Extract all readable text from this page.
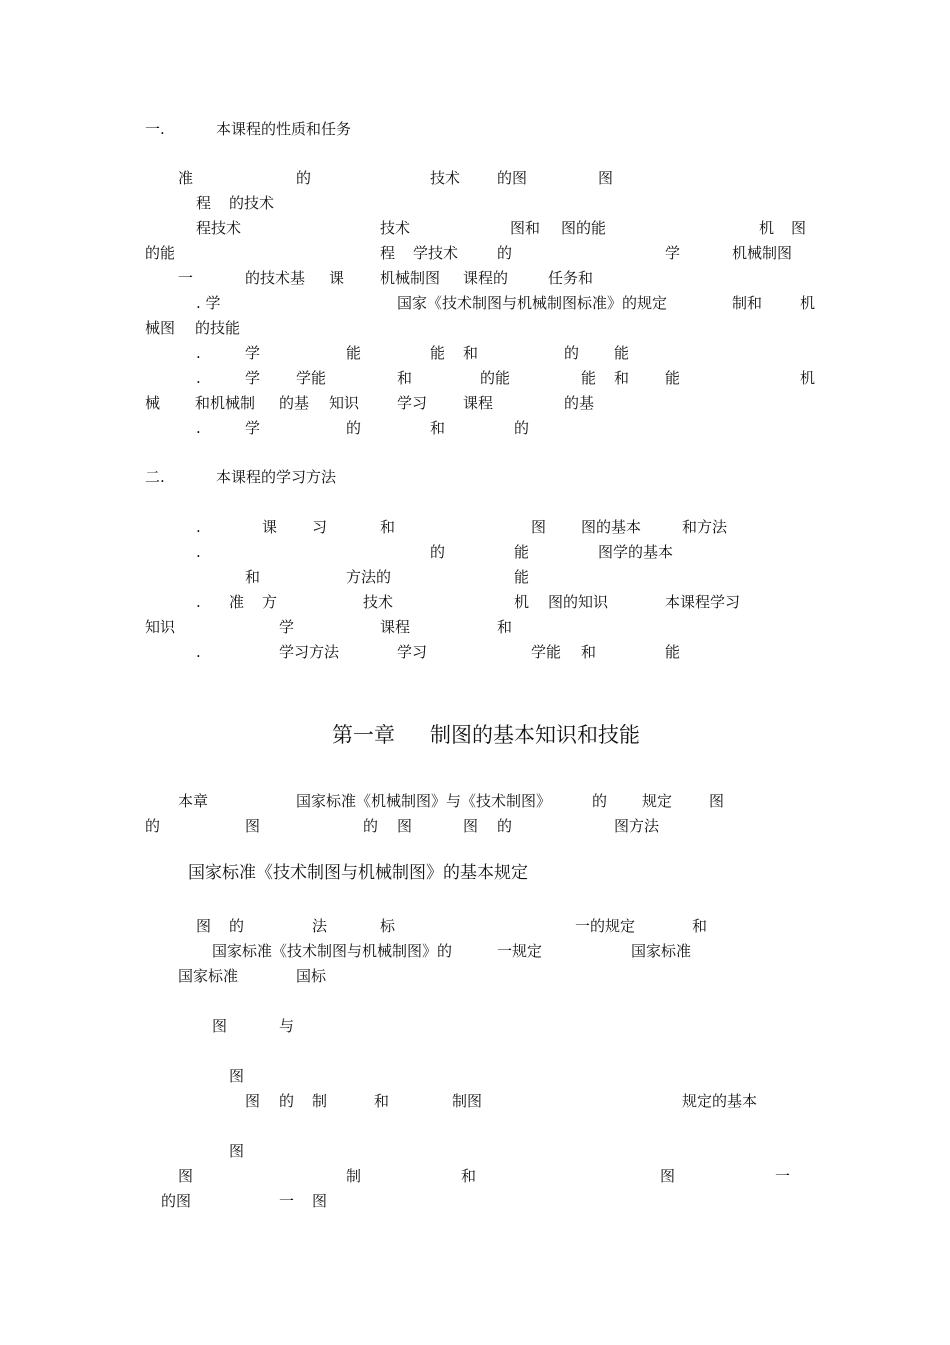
一.	本课程的性质和任务
二.	本课程的学习方法
第一章 制图的基本知识和技能
国家标准《技术制图与机械制图》的基本规定
准	的	技术 的图	图
程 的技术
程技术	技术	图和 图的能	机 图
的能	程 学技术	的	学	机械制图
一	的技术基 课 机械制图 课程的	任务和
. 学	国家《技术制图与机械制图标准》的规定	制和	机
械图 的技能
.	学	能	能 和	的 能
.	学 学能	和	的能	能 和 能	机
械 和机械制 的基 知识	学习 课程	的基
.	学	的	和	的
.	课 习	和	图 图的基本	和方法
.	的	能	图学的基本
和	方法的	能
. 准 方	技术	机 图的知识	本课程学习
知识	学	课程	和
.	学习方法	学习	学能 和	能
本章	国家标准《机械制图》与《技术制图》	的 规定 图
的	图	的 图	图 的	图方法
图 的	法	标	一的规定	和
国家标准《技术制图与机械制图》的	一规定	国家标准
国家标准	国标
图	与
图
图 的 制	和	制图	规定的基本
图
图	制	和	图	一
的图	一 图
